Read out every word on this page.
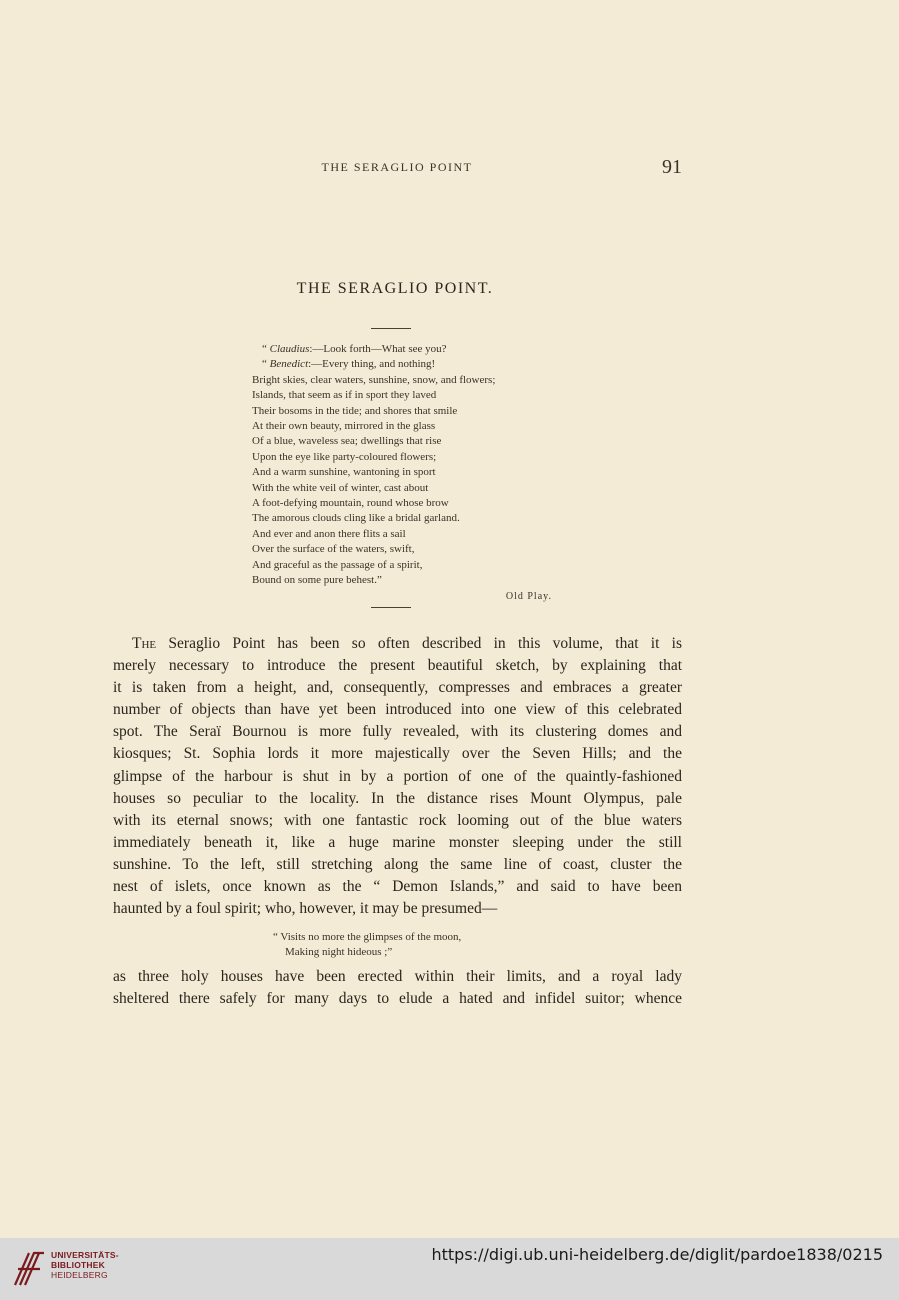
THE SERAGLIO POINT	91
THE SERAGLIO POINT.
“ Claudius:—Look forth—What see you?
“ Benedict:—Every thing, and nothing!
Bright skies, clear waters, sunshine, snow, and flowers;
Islands, that seem as if in sport they laved
Their bosoms in the tide; and shores that smile
At their own beauty, mirrored in the glass
Of a blue, waveless sea; dwellings that rise
Upon the eye like party-coloured flowers;
And a warm sunshine, wantoning in sport
With the white veil of winter, cast about
A foot-defying mountain, round whose brow
The amorous clouds cling like a bridal garland.
And ever and anon there flits a sail
Over the surface of the waters, swift,
And graceful as the passage of a spirit,
Bound on some pure behest.”
Old Play.
The Seraglio Point has been so often described in this volume, that it is
merely necessary to introduce the present beautiful sketch, by explaining that
it is taken from a height, and, consequently, compresses and embraces a greater
number of objects than have yet been introduced into one view of this celebrated
spot. The Seraï Bournou is more fully revealed, with its clustering domes and
kiosques; St. Sophia lords it more majestically over the Seven Hills; and the
glimpse of the harbour is shut in by a portion of one of the quaintly-fashioned
houses so peculiar to the locality. In the distance rises Mount Olympus, pale
with its eternal snows; with one fantastic rock looming out of the blue waters
immediately beneath it, like a huge marine monster sleeping under the still
sunshine. To the left, still stretching along the same line of coast, cluster the
nest of islets, once known as the “ Demon Islands,” and said to have been
haunted by a foul spirit; who, however, it may be presumed—
“ Visits no more the glimpses of the moon,
Making night hideous ;”
as three holy houses have been erected within their limits, and a royal lady
sheltered there safely for many days to elude a hated and infidel suitor; whence
UNIVERSITÄTS-
BIBLIOTHEK
HEIDELBERG
https://digi.ub.uni-heidelberg.de/diglit/pardoe1838/0215
